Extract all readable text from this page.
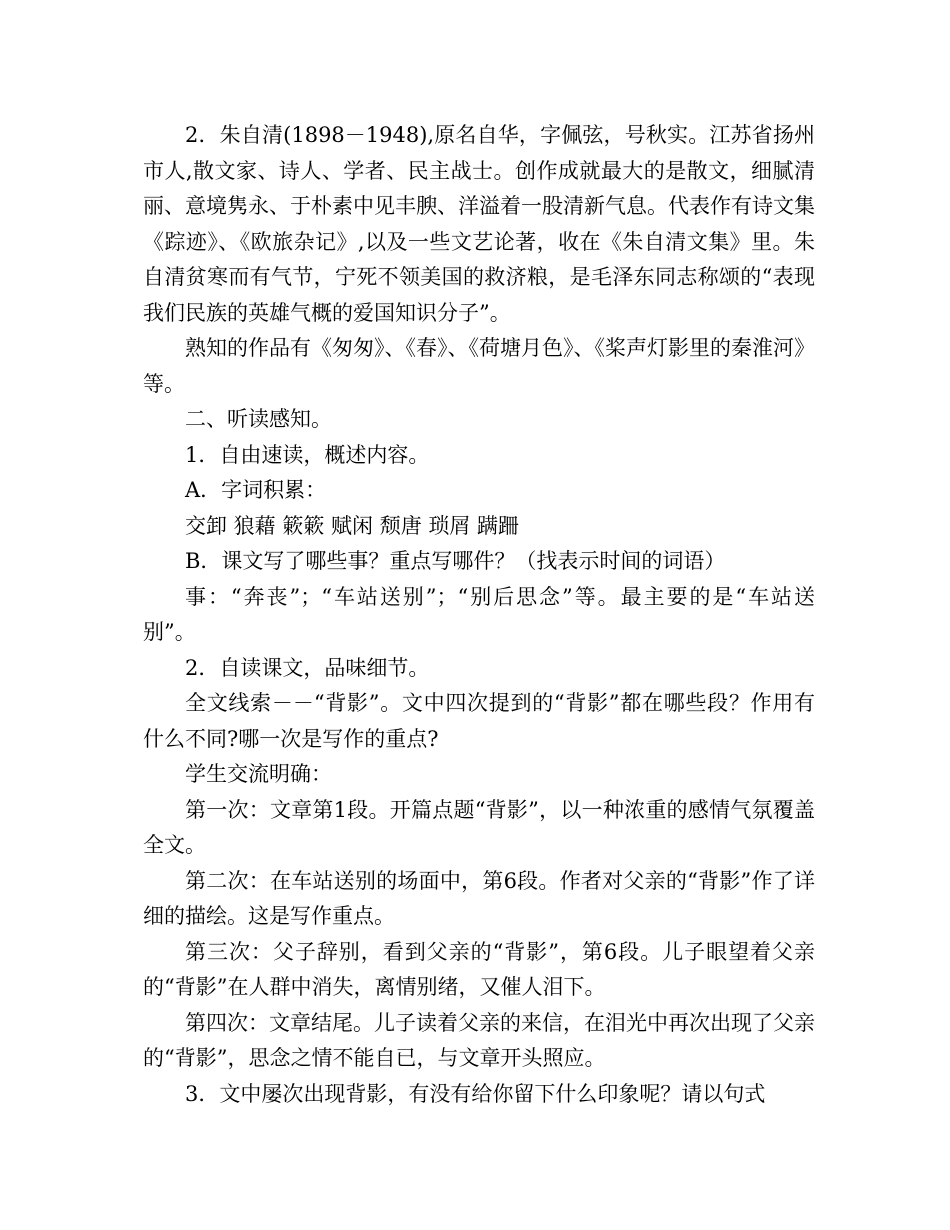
2．朱自清(1898－1948),原名自华，字佩弦，号秋实。江苏省扬州市人,散文家、诗人、学者、民主战士。创作成就最大的是散文，细腻清丽、意境隽永、于朴素中见丰腴、洋溢着一股清新气息。代表作有诗文集《踪迹》、《欧旅杂记》,以及一些文艺论著，收在《朱自清文集》里。朱自清贫寒而有气节，宁死不领美国的救济粮，是毛泽东同志称颂的“表现我们民族的英雄气概的爱国知识分子”。

熟知的作品有《匆匆》、《春》、《荷塘月色》、《桨声灯影里的秦淮河》等。

二、听读感知。

1．自由速读，概述内容。

A．字词积累：

交卸 狼藉 簌簌 赋闲 颓唐 琐屑 蹒跚

B．课文写了哪些事？重点写哪件？（找表示时间的词语）

事：“奔丧”；“车站送别”；“别后思念”等。最主要的是“车站送别”。

2．自读课文，品味细节。

全文线索－－“背影”。文中四次提到的“背影”都在哪些段？作用有什么不同?哪一次是写作的重点?

学生交流明确：

第一次：文章第1段。开篇点题“背影”，以一种浓重的感情气氛覆盖全文。

第二次：在车站送别的场面中，第6段。作者对父亲的“背影”作了详细的描绘。这是写作重点。

第三次：父子辞别，看到父亲的“背影”，第6段。儿子眼望着父亲的“背影”在人群中消失，离情别绪，又催人泪下。

第四次：文章结尾。儿子读着父亲的来信，在泪光中再次出现了父亲的“背影”，思念之情不能自已，与文章开头照应。

3．文中屡次出现背影，有没有给你留下什么印象呢？请以句式
